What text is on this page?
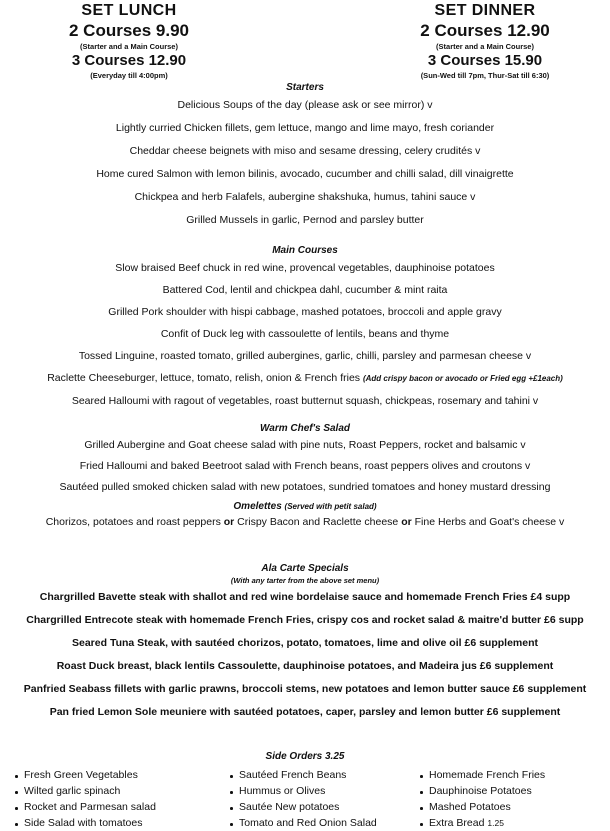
SET LUNCH
2 Courses 9.90
(Starter and a Main Course)
3 Courses 12.90
(Everyday till 4:00pm)
SET DINNER
2 Courses 12.90
(Starter and a Main Course)
3 Courses 15.90
(Sun-Wed till 7pm, Thur-Sat till 6:30)
Starters
Delicious Soups of the day (please ask or see mirror) v
Lightly curried Chicken fillets, gem lettuce, mango and lime mayo, fresh coriander
Cheddar cheese beignets with miso and sesame dressing, celery crudités v
Home cured Salmon with lemon bilinis, avocado, cucumber and chilli salad, dill vinaigrette
Chickpea and herb Falafels, aubergine shakshuka, humus, tahini sauce v
Grilled Mussels in garlic, Pernod and parsley butter
Main Courses
Slow braised Beef chuck in red wine, provencal vegetables, dauphinoise potatoes
Battered Cod, lentil and chickpea dahl, cucumber & mint raita
Grilled Pork shoulder with hispi cabbage, mashed potatoes, broccoli and apple gravy
Confit of Duck leg with cassoulette of lentils, beans and thyme
Tossed Linguine, roasted tomato, grilled aubergines, garlic, chilli, parsley and parmesan cheese v
Raclette Cheeseburger, lettuce, tomato, relish, onion & French fries (Add crispy bacon or avocado or Fried egg +£1each)
Seared Halloumi with ragout of vegetables, roast butternut squash, chickpeas, rosemary and tahini v
Warm Chef's Salad
Grilled Aubergine and Goat cheese salad with pine nuts, Roast Peppers, rocket and balsamic v
Fried Halloumi and baked Beetroot salad with French beans, roast peppers olives and croutons v
Sautéed pulled smoked chicken salad with new potatoes, sundried tomatoes and honey mustard dressing
Omelettes (Served with petit salad)
Chorizos, potatoes and roast peppers or Crispy Bacon and Raclette cheese or Fine Herbs and Goat's cheese v
Ala Carte Specials
(With any tarter from the above set menu)
Chargrilled Bavette steak with shallot and red wine bordelaise sauce and homemade French Fries £4 supp
Chargrilled Entrecote steak with homemade French Fries, crispy cos and rocket salad & maitre'd butter £6 supp
Seared Tuna Steak, with sautéed chorizos, potato, tomatoes, lime and olive oil £6 supplement
Roast Duck breast, black lentils Cassoulette, dauphinoise potatoes, and Madeira jus £6 supplement
Panfried Seabass fillets with garlic prawns, broccoli stems, new potatoes and lemon butter sauce £6 supplement
Pan fried Lemon Sole meuniere with sautéed potatoes, caper, parsley and lemon butter £6 supplement
Side Orders 3.25
Fresh Green Vegetables
Wilted garlic spinach
Rocket and Parmesan salad
Side Salad with tomatoes
Sautéed French Beans
Hummus or Olives
Sautée New potatoes
Tomato and Red Onion Salad
Homemade French Fries
Dauphinoise Potatoes
Mashed Potatoes
Extra Bread 1.25
